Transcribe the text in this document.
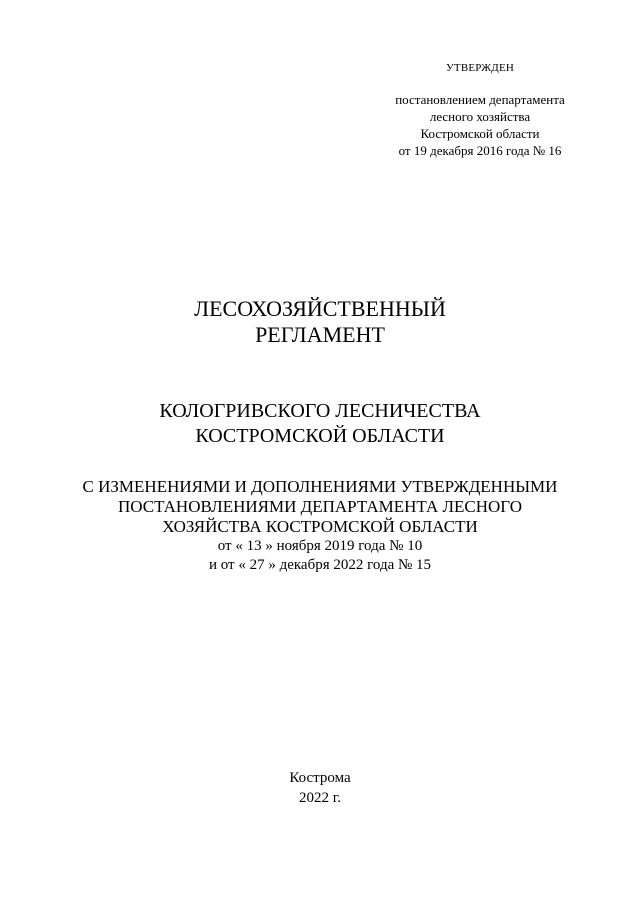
УТВЕРЖДЕН
постановлением департамента
лесного хозяйства
Костромской области
от 19 декабря 2016 года № 16
ЛЕСОХОЗЯЙСТВЕННЫЙ
РЕГЛАМЕНТ
КОЛОГРИВСКОГО ЛЕСНИЧЕСТВА
КОСТРОМСКОЙ ОБЛАСТИ
С ИЗМЕНЕНИЯМИ И ДОПОЛНЕНИЯМИ УТВЕРЖДЕННЫМИ
ПОСТАНОВЛЕНИЯМИ ДЕПАРТАМЕНТА ЛЕСНОГО
ХОЗЯЙСТВА КОСТРОМСКОЙ ОБЛАСТИ
от « 13 » ноября 2019 года № 10
и от « 27 » декабря 2022 года № 15
Кострома
2022 г.
